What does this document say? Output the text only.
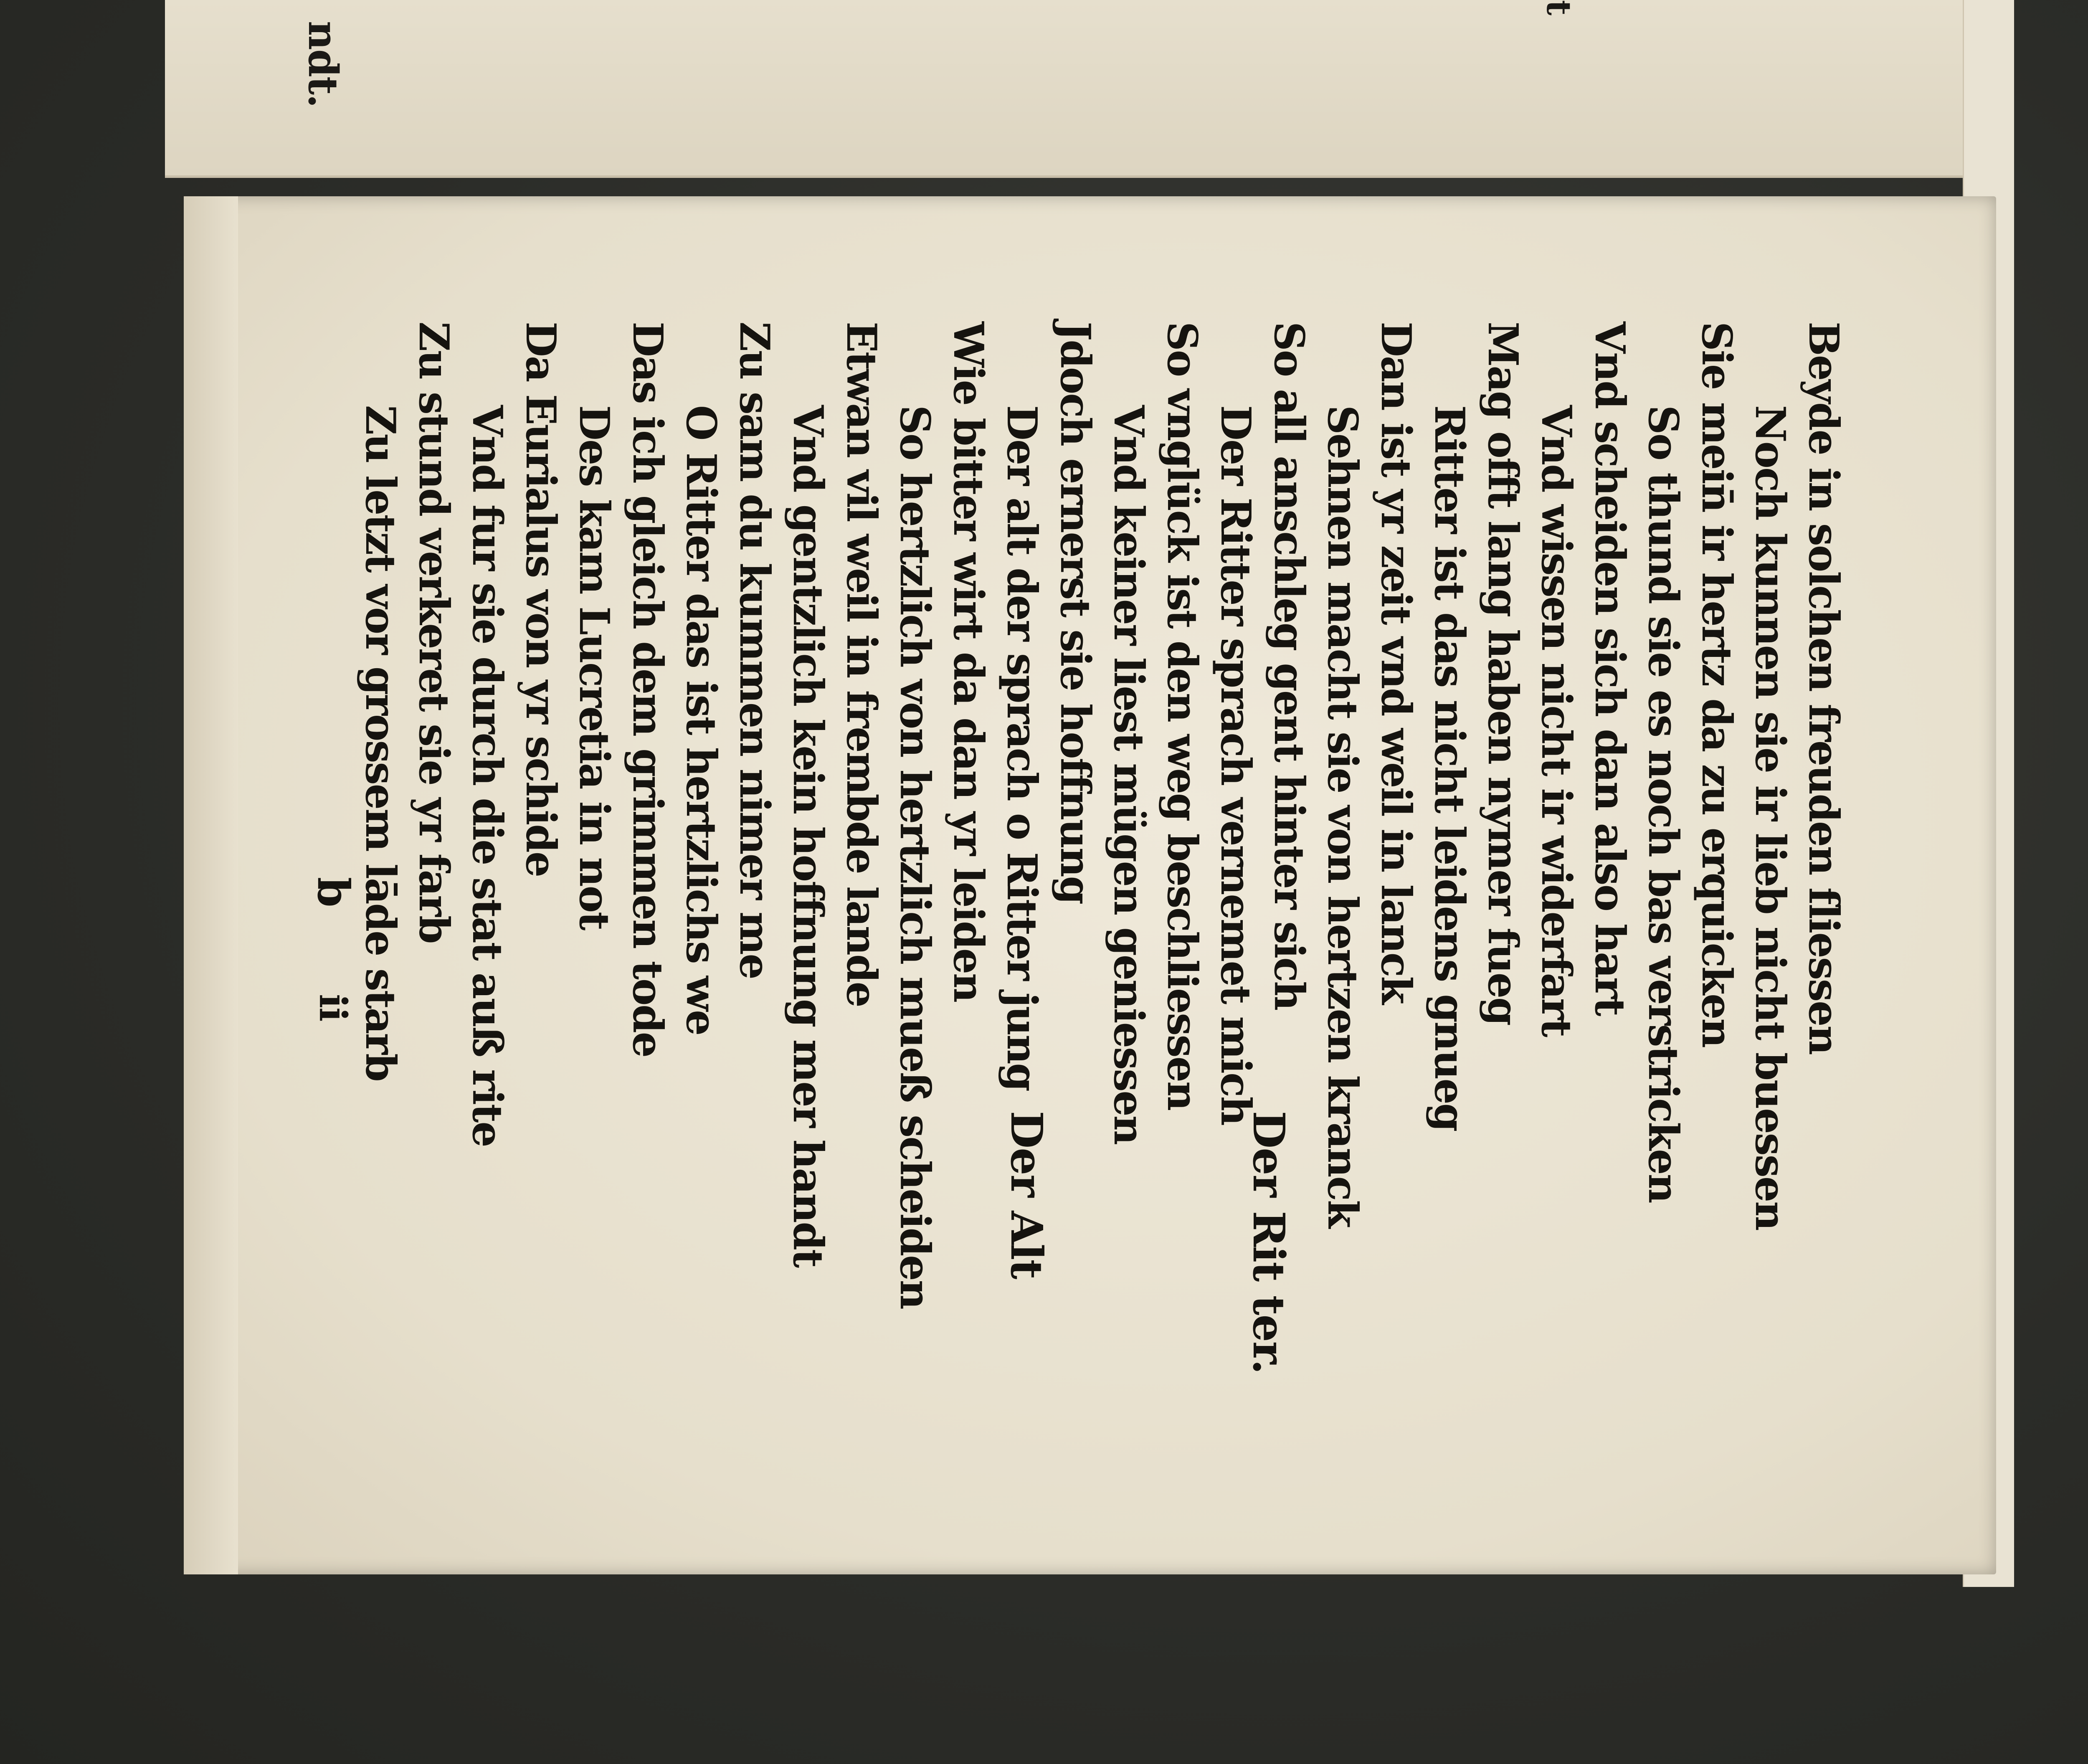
ndt.
t
Beyde in solchen freuden fliessen
Noch kunnen sie ir lieb nicht buessen
Sie mein̄ ir hertz da zu erquicken
So thund sie es noch bas verstricken
Vnd scheiden sich dan also hart
Vnd wissen nicht ir widerfart
Mag offt lang haben nymer fueg
Ritter ist das nicht leidens gnueg
Dan ist yr zeit vnd weil in lanck
Sehnen macht sie von hertzen kranck
So all anschleg gent hinter sich
Der Ritter sprach vernemet mich
So vnglück ist den weg beschliessen
Vnd keiner liest mügen geniessen
Jdoch ernerst sie hoffnung
Der alt der sprach o Ritter jung
Wie bitter wirt da dan yr leiden
So hertzlich von hertzlich mueß scheiden
Etwan vil weil in frembde lande
Vnd gentzlich kein hoffnung mer handt
Zu sam du kummen nimer me
O Ritter das ist hertzlichs we
Das ich gleich dem grimmen tode
Des kam Lucretia in not
Da Eurialus von yr schide
Vnd fur sie durch die stat auß rite
Zu stund verkeret sie yr farb
Zu letzt vor grossem lāde starb
Der Rit ter.
Der Alt
b
ii
